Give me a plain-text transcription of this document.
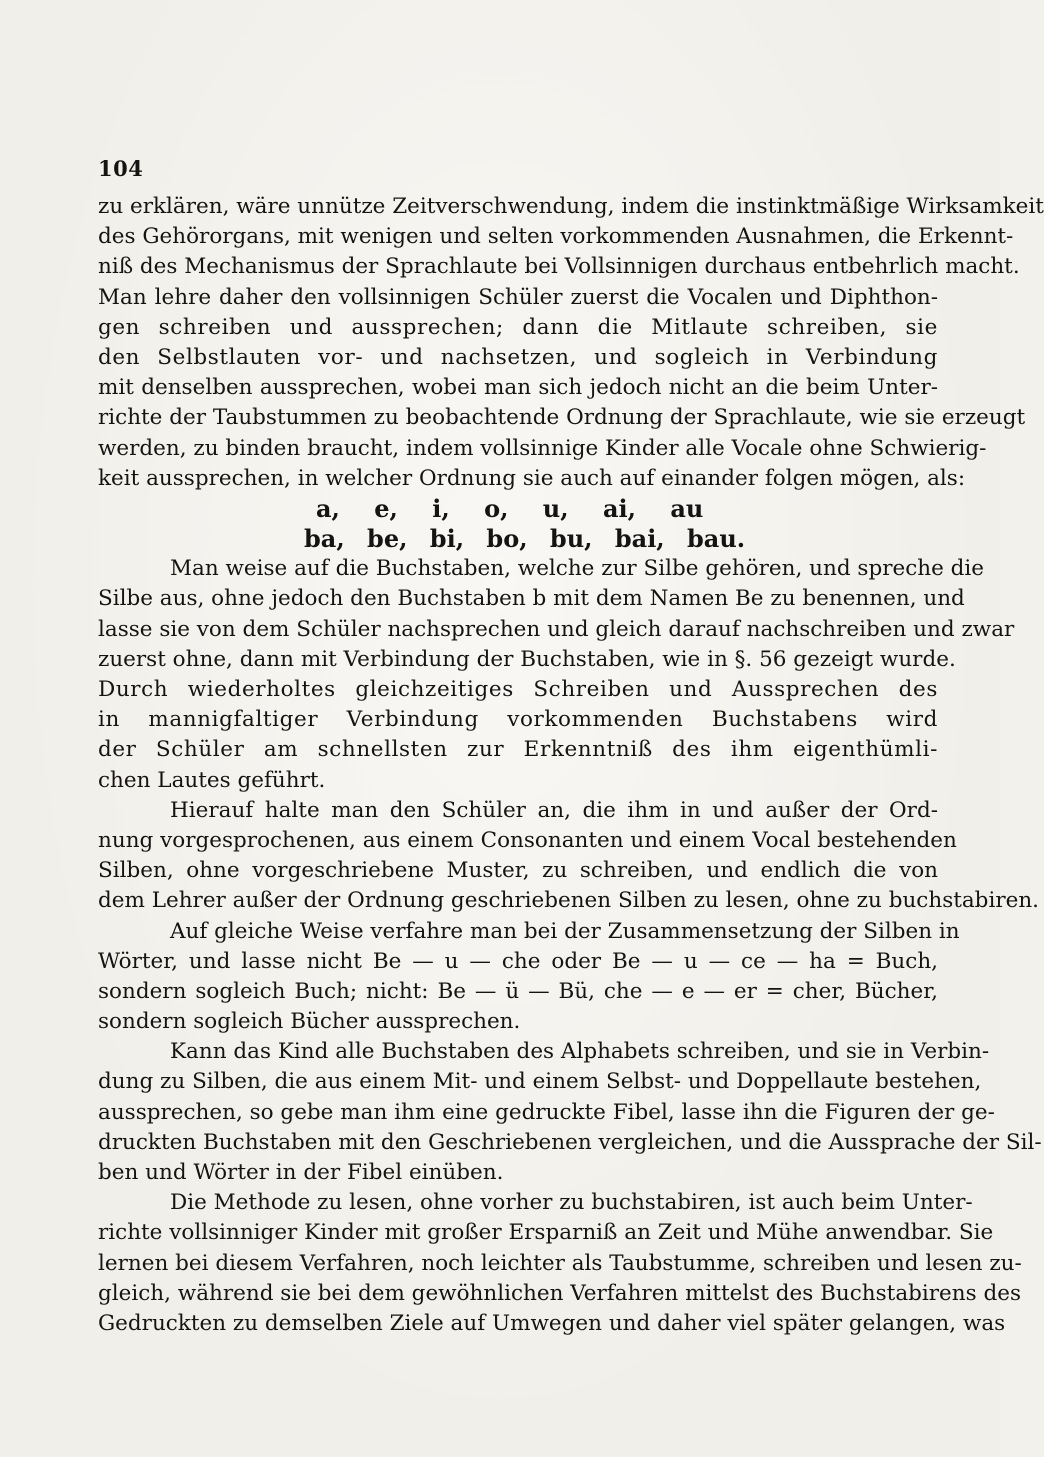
104
zu erklären, wäre unnütze Zeitverschwendung, indem die instinktmäßige Wirksamkeit
des Gehörorgans, mit wenigen und selten vorkommenden Ausnahmen, die Erkennt-
niß des Mechanismus der Sprachlaute bei Vollsinnigen durchaus entbehrlich macht.
Man lehre daher den vollsinnigen Schüler zuerst die Vocalen und Diphthon-
gen schreiben und aussprechen; dann die Mitlaute schreiben, sie
den Selbstlauten vor- und nachsetzen, und sogleich in Verbindung
mit denselben aussprechen, wobei man sich jedoch nicht an die beim Unter-
richte der Taubstummen zu beobachtende Ordnung der Sprachlaute, wie sie erzeugt
werden, zu binden braucht, indem vollsinnige Kinder alle Vocale ohne Schwierig-
keit aussprechen, in welcher Ordnung sie auch auf einander folgen mögen, als:
a, e, i, o, u, ai, au
ba, be, bi, bo, bu, bai, bau.
Man weise auf die Buchstaben, welche zur Silbe gehören, und spreche die
Silbe aus, ohne jedoch den Buchstaben b mit dem Namen Be zu benennen, und
lasse sie von dem Schüler nachsprechen und gleich darauf nachschreiben und zwar
zuerst ohne, dann mit Verbindung der Buchstaben, wie in §. 56 gezeigt wurde.
Durch wiederholtes gleichzeitiges Schreiben und Aussprechen des
in mannigfaltiger Verbindung vorkommenden Buchstabens wird
der Schüler am schnellsten zur Erkenntniß des ihm eigenthümli-
chen Lautes geführt.
Hierauf halte man den Schüler an, die ihm in und außer der Ord-
nung vorgesprochenen, aus einem Consonanten und einem Vocal bestehenden
Silben, ohne vorgeschriebene Muster, zu schreiben, und endlich die von
dem Lehrer außer der Ordnung geschriebenen Silben zu lesen, ohne zu buchstabiren.
Auf gleiche Weise verfahre man bei der Zusammensetzung der Silben in
Wörter, und lasse nicht Be — u — che oder Be — u — ce — ha = Buch,
sondern sogleich Buch; nicht: Be — ü — Bü, che — e — er = cher, Bücher,
sondern sogleich Bücher aussprechen.
Kann das Kind alle Buchstaben des Alphabets schreiben, und sie in Verbin-
dung zu Silben, die aus einem Mit- und einem Selbst- und Doppellaute bestehen,
aussprechen, so gebe man ihm eine gedruckte Fibel, lasse ihn die Figuren der ge-
druckten Buchstaben mit den Geschriebenen vergleichen, und die Aussprache der Sil-
ben und Wörter in der Fibel einüben.
Die Methode zu lesen, ohne vorher zu buchstabiren, ist auch beim Unter-
richte vollsinniger Kinder mit großer Ersparniß an Zeit und Mühe anwendbar. Sie
lernen bei diesem Verfahren, noch leichter als Taubstumme, schreiben und lesen zu-
gleich, während sie bei dem gewöhnlichen Verfahren mittelst des Buchstabirens des
Gedruckten zu demselben Ziele auf Umwegen und daher viel später gelangen, was
